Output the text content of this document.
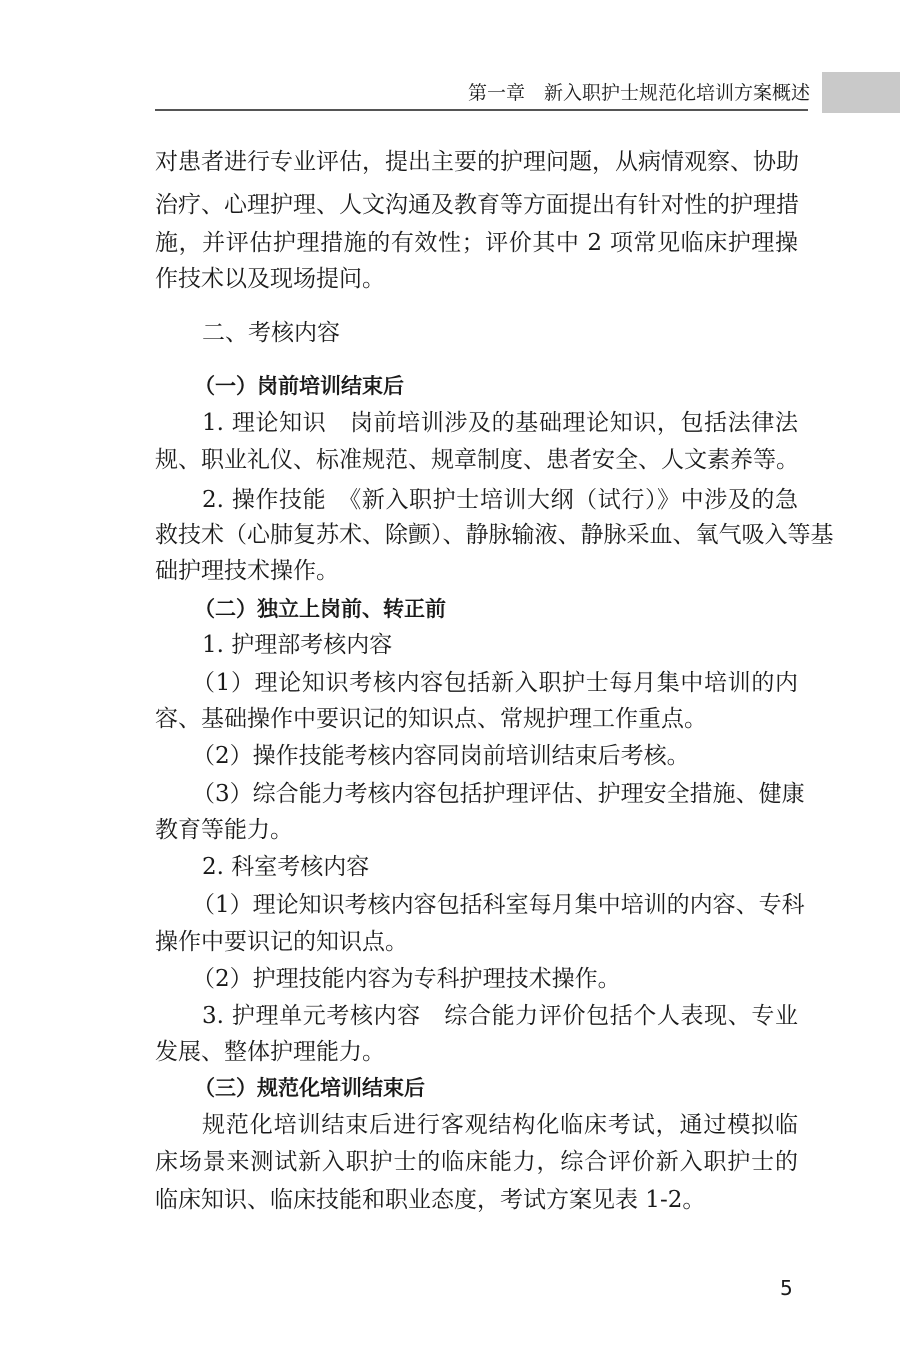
第一章　新入职护士规范化培训方案概述
对患者进行专业评估，提出主要的护理问题，从病情观察、协助
治疗、心理护理、人文沟通及教育等方面提出有针对性的护理措
施，并评估护理措施的有效性；评价其中 2 项常见临床护理操
作技术以及现场提问。
二、考核内容
（一）岗前培训结束后
1. 理论知识　岗前培训涉及的基础理论知识，包括法律法
规、职业礼仪、标准规范、规章制度、患者安全、人文素养等。
2. 操作技能　《新入职护士培训大纲（试行）》中涉及的急
救技术（心肺复苏术、除颤）、静脉输液、静脉采血、氧气吸入等基
础护理技术操作。
（二）独立上岗前、转正前
1. 护理部考核内容
（1）理论知识考核内容包括新入职护士每月集中培训的内
容、基础操作中要识记的知识点、常规护理工作重点。
（2）操作技能考核内容同岗前培训结束后考核。
（3）综合能力考核内容包括护理评估、护理安全措施、健康
教育等能力。
2. 科室考核内容
（1）理论知识考核内容包括科室每月集中培训的内容、专科
操作中要识记的知识点。
（2）护理技能内容为专科护理技术操作。
3. 护理单元考核内容　综合能力评价包括个人表现、专业
发展、整体护理能力。
（三）规范化培训结束后
规范化培训结束后进行客观结构化临床考试，通过模拟临
床场景来测试新入职护士的临床能力，综合评价新入职护士的
临床知识、临床技能和职业态度，考试方案见表 1-2。
5
